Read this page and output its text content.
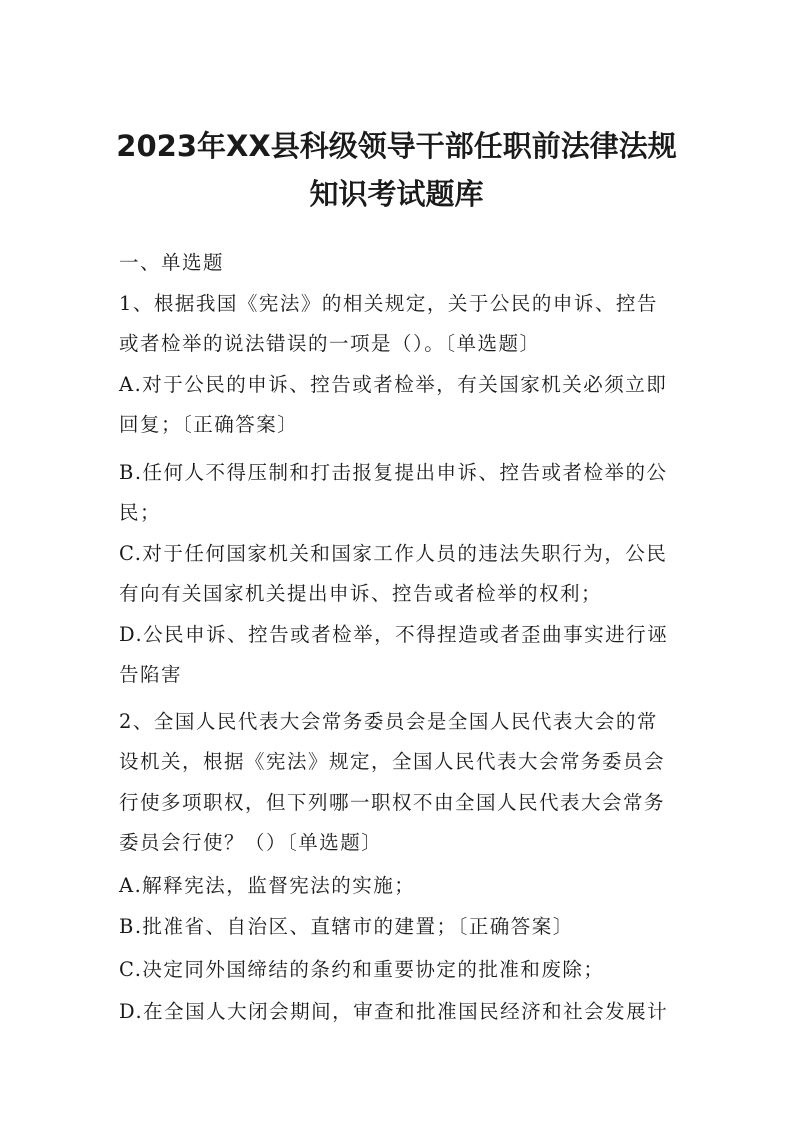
2023年XX县科级领导干部任职前法律法规
知识考试题库

一、单选题

1、根据我国《宪法》的相关规定，关于公民的申诉、控告

或者检举的说法错误的一项是（）。〔单选题〕

A.对于公民的申诉、控告或者检举，有关国家机关必须立即

回复；〔正确答案〕

B.任何人不得压制和打击报复提出申诉、控告或者检举的公

民；

C.对于任何国家机关和国家工作人员的违法失职行为，公民

有向有关国家机关提出申诉、控告或者检举的权利；

D.公民申诉、控告或者检举，不得捏造或者歪曲事实进行诬

告陷害

2、全国人民代表大会常务委员会是全国人民代表大会的常

设机关，根据《宪法》规定，全国人民代表大会常务委员会

行使多项职权，但下列哪一职权不由全国人民代表大会常务

委员会行使？（）〔单选题〕

A.解释宪法，监督宪法的实施；

B.批准省、自治区、直辖市的建置；〔正确答案〕

C.决定同外国缔结的条约和重要协定的批准和废除；

D.在全国人大闭会期间，审查和批准国民经济和社会发展计
